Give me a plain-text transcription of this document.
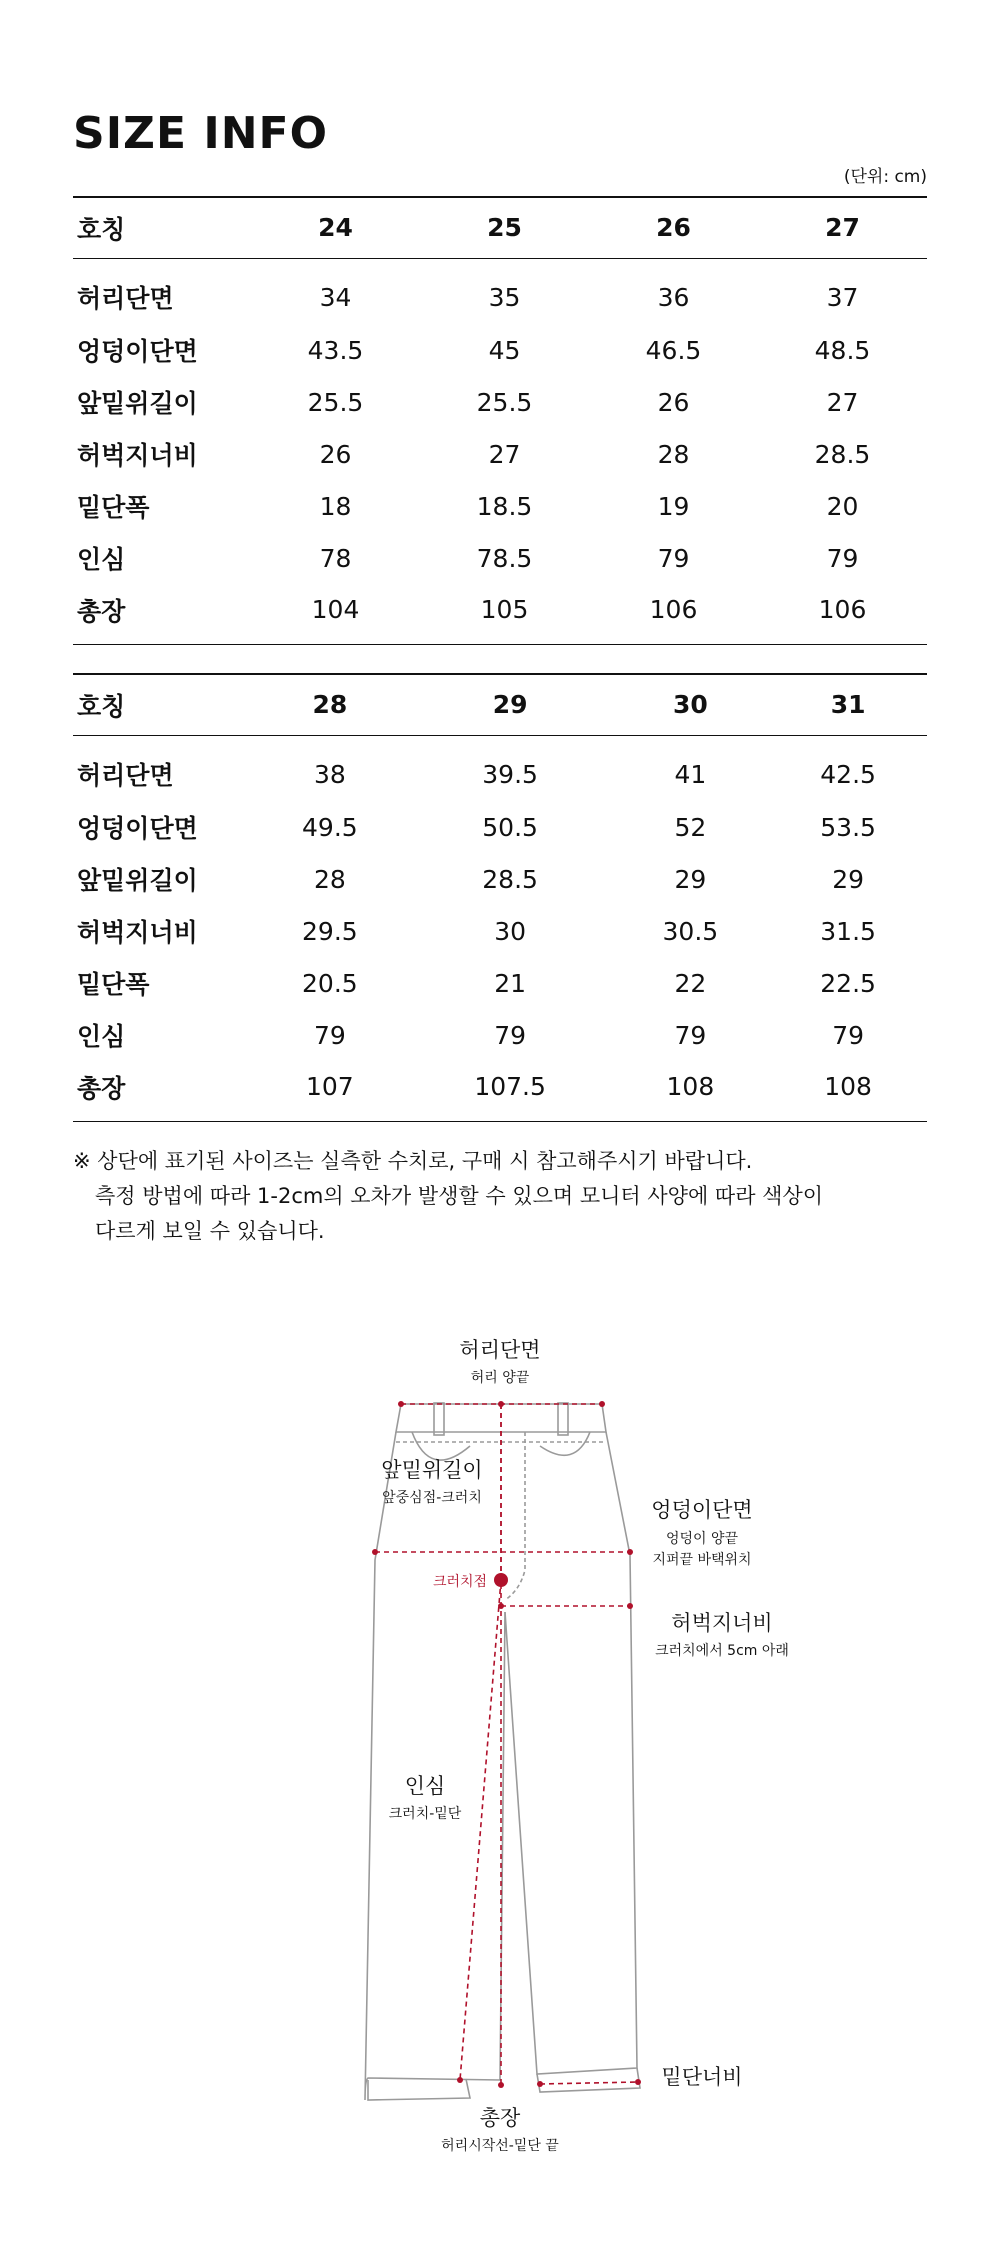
SIZE INFO
(단위: cm)
호칭	24	25	26	27
허리단면	34	35	36	37
엉덩이단면	43.5	45	46.5	48.5
앞밑위길이	25.5	25.5	26	27
허벅지너비	26	27	28	28.5
밑단폭	18	18.5	19	20
인심	78	78.5	79	79
총장	104	105	106	106
호칭	28	29	30	31
허리단면	38	39.5	41	42.5
엉덩이단면	49.5	50.5	52	53.5
앞밑위길이	28	28.5	29	29
허벅지너비	29.5	30	30.5	31.5
밑단폭	20.5	21	22	22.5
인심	79	79	79	79
총장	107	107.5	108	108

※ 상단에 표기된 사이즈는 실측한 수치로, 구매 시 참고해주시기 바랍니다.

측정 방법에 따라 1-2cm의 오차가 발생할 수 있으며 모니터 사양에 따라 색상이

다르게 보일 수 있습니다.

허리단면
허리 양끝
앞밑위길이
앞중심점-크러치	엉덩이단면
엉덩이 양끝
지퍼끝 바택위치
크러치점
허벅지너비
크러치에서 5cm 아래
인심
크러치-밑단
밑단너비
총장
허리시작선-밑단 끝
